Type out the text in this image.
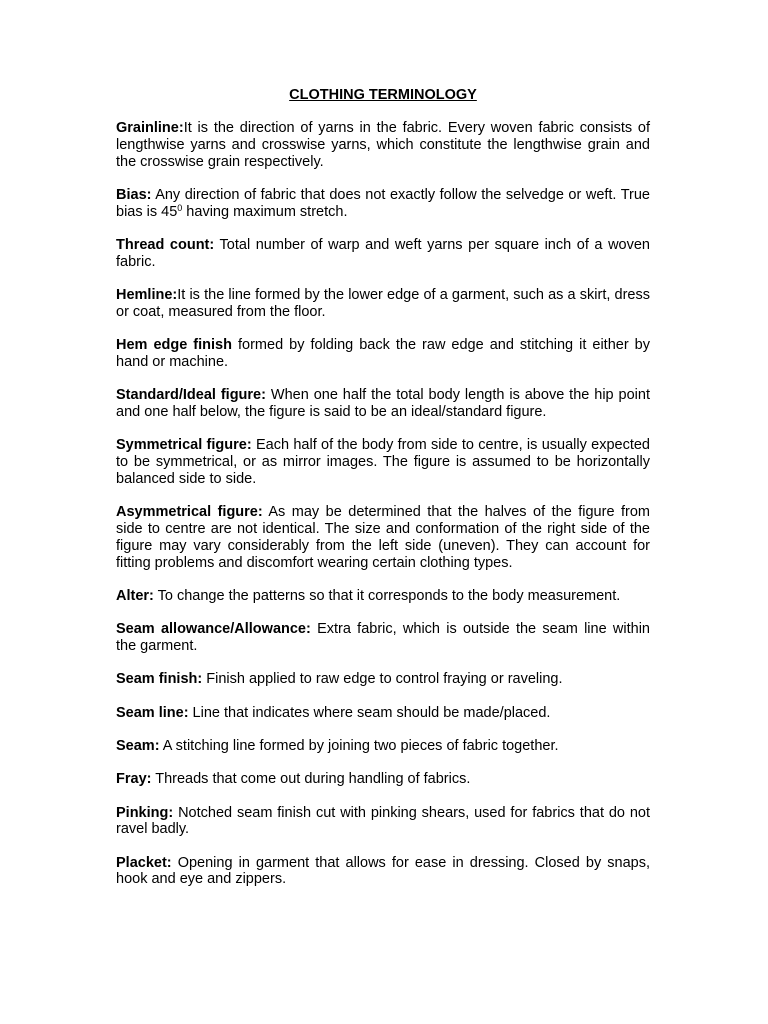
CLOTHING TERMINOLOGY

Grainline:It is the direction of yarns in the fabric. Every woven fabric consists of lengthwise yarns and crosswise yarns, which constitute the lengthwise grain and the crosswise grain respectively.

Bias: Any direction of fabric that does not exactly follow the selvedge or weft. True bias is $45^0$ having maximum stretch.

Thread count: Total number of warp and weft yarns per square inch of a woven fabric.

Hemline:It is the line formed by the lower edge of a garment, such as a skirt, dress or coat, measured from the floor.

Hem edge finish formed by folding back the raw edge and stitching it either by hand or machine.

Standard/Ideal figure: When one half the total body length is above the hip point and one half below, the figure is said to be an ideal/standard figure.

Symmetrical figure: Each half of the body from side to centre, is usually expected to be symmetrical, or as mirror images. The figure is assumed to be horizontally balanced side to side.

Asymmetrical figure: As may be determined that the halves of the figure from side to centre are not identical. The size and conformation of the right side of the figure may vary considerably from the left side (uneven). They can account for fitting problems and discomfort wearing certain clothing types.

Alter: To change the patterns so that it corresponds to the body measurement.

Seam allowance/Allowance: Extra fabric, which is outside the seam line within the garment.

Seam finish: Finish applied to raw edge to control fraying or raveling.

Seam line: Line that indicates where seam should be made/placed.

Seam: A stitching line formed by joining two pieces of fabric together.

Fray: Threads that come out during handling of fabrics.

Pinking: Notched seam finish cut with pinking shears, used for fabrics that do not ravel badly.

Placket: Opening in garment that allows for ease in dressing. Closed by snaps, hook and eye and zippers.
